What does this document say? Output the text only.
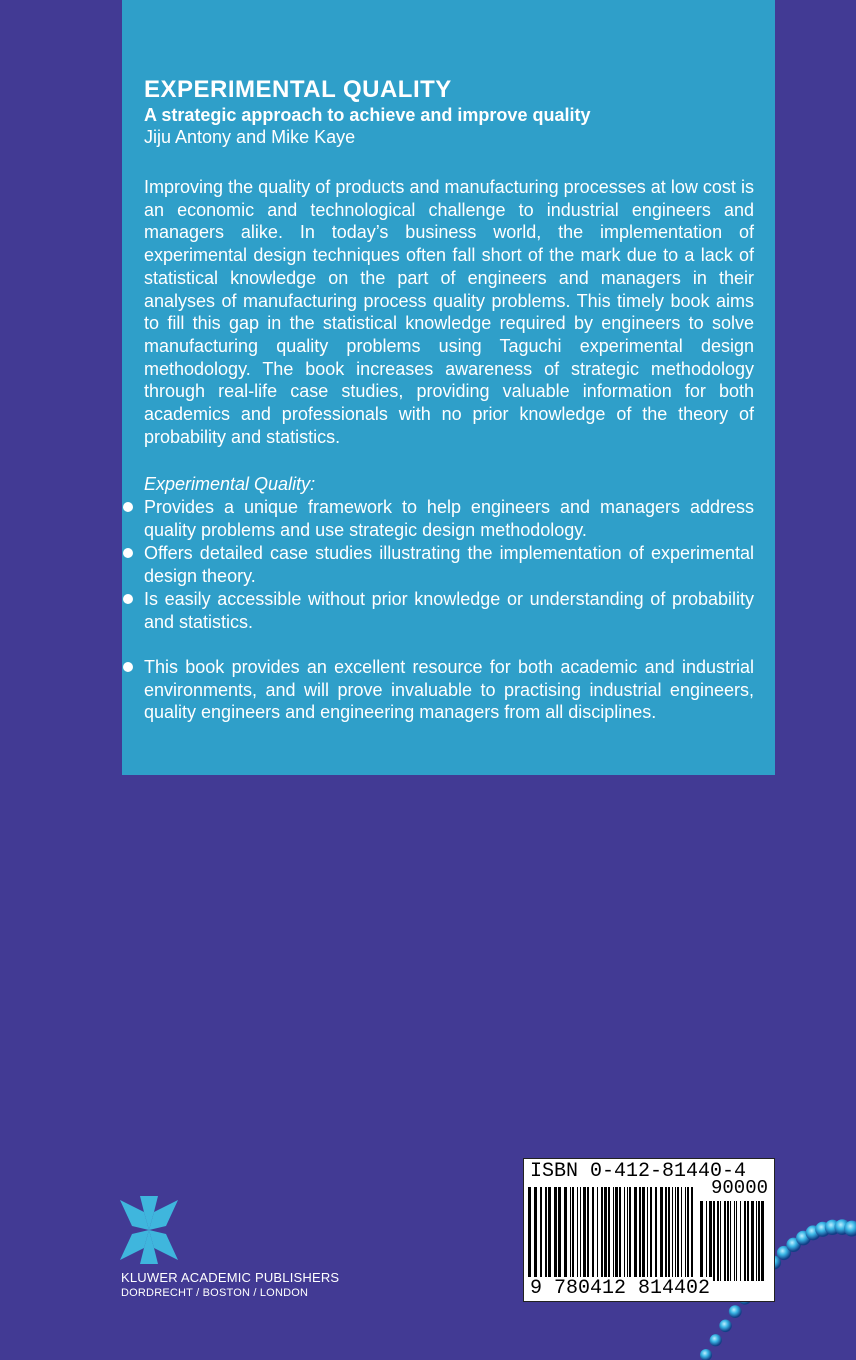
EXPERIMENTAL QUALITY
A strategic approach to achieve and improve quality

Jiju Antony and Mike Kaye

Improving the quality of products and manufacturing processes at low cost is an economic and technological challenge to industrial engineers and managers alike. In today’s business world, the implementation of experimental design techniques often fall short of the mark due to a lack of statistical knowledge on the part of engineers and managers in their analyses of manufacturing process quality problems. This timely book aims to fill this gap in the statistical knowledge required by engineers to solve manufacturing quality problems using Taguchi experimental design methodology. The book increases awareness of strategic methodology through real-life case studies, providing valuable information for both academics and professionals with no prior knowledge of the theory of probability and statistics.

Experimental Quality:

Provides a unique framework to help engineers and managers address quality problems and use strategic design methodology.
Offers detailed case studies illustrating the implementation of experimental design theory.
Is easily accessible without prior knowledge or understanding of probability and statistics.
This book provides an excellent resource for both academic and industrial environments, and will prove invaluable to practising industrial engineers, quality engineers and engineering managers from all disciplines.
KLUWER ACADEMIC PUBLISHERS
DORDRECHT / BOSTON / LONDON
ISBN 0-412-81440-4
90000
9 780412 814402
